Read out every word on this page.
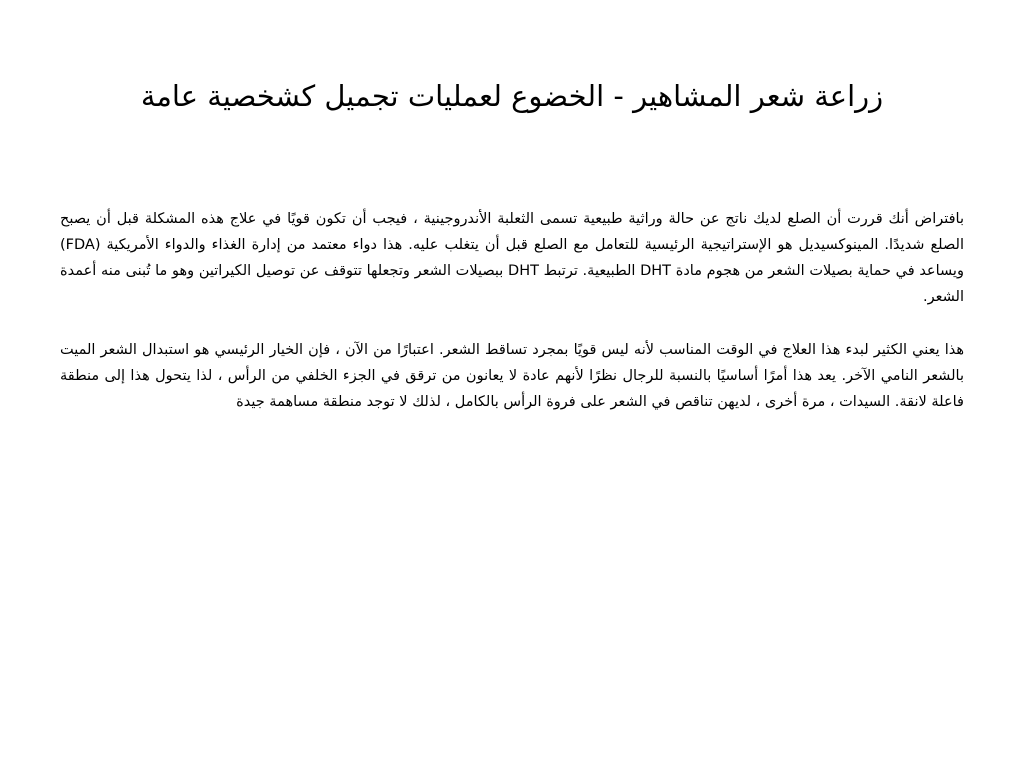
زراعة شعر المشاهير - الخضوع لعمليات تجميل كشخصية عامة

بافتراض أنك قررت أن الصلع لديك ناتج عن حالة وراثية طبيعية تسمى الثعلبة الأندروجينية ، فيجب أن تكون قويًا في علاج هذه المشكلة قبل أن يصبح الصلع شديدًا. المينوكسيديل هو الإستراتيجية الرئيسية للتعامل مع الصلع قبل أن يتغلب عليه. هذا دواء معتمد من إدارة الغذاء والدواء الأمريكية (FDA) ويساعد في حماية بصيلات الشعر من هجوم مادة DHT الطبيعية. ترتبط DHT ببصيلات الشعر وتجعلها تتوقف عن توصيل الكيراتين وهو ما تُبنى منه أعمدة الشعر.

هذا يعني الكثير لبدء هذا العلاج في الوقت المناسب لأنه ليس قويًا بمجرد تساقط الشعر. اعتبارًا من الآن ، فإن الخيار الرئيسي هو استبدال الشعر الميت بالشعر النامي الآخر. يعد هذا أمرًا أساسيًا بالنسبة للرجال نظرًا لأنهم عادة لا يعانون من ترقق في الجزء الخلفي من الرأس ، لذا يتحول هذا إلى منطقة فاعلة لانقة. السيدات ، مرة أخرى ، لديهن تناقص في الشعر على فروة الرأس بالكامل ، لذلك لا توجد منطقة مساهمة جيدة
